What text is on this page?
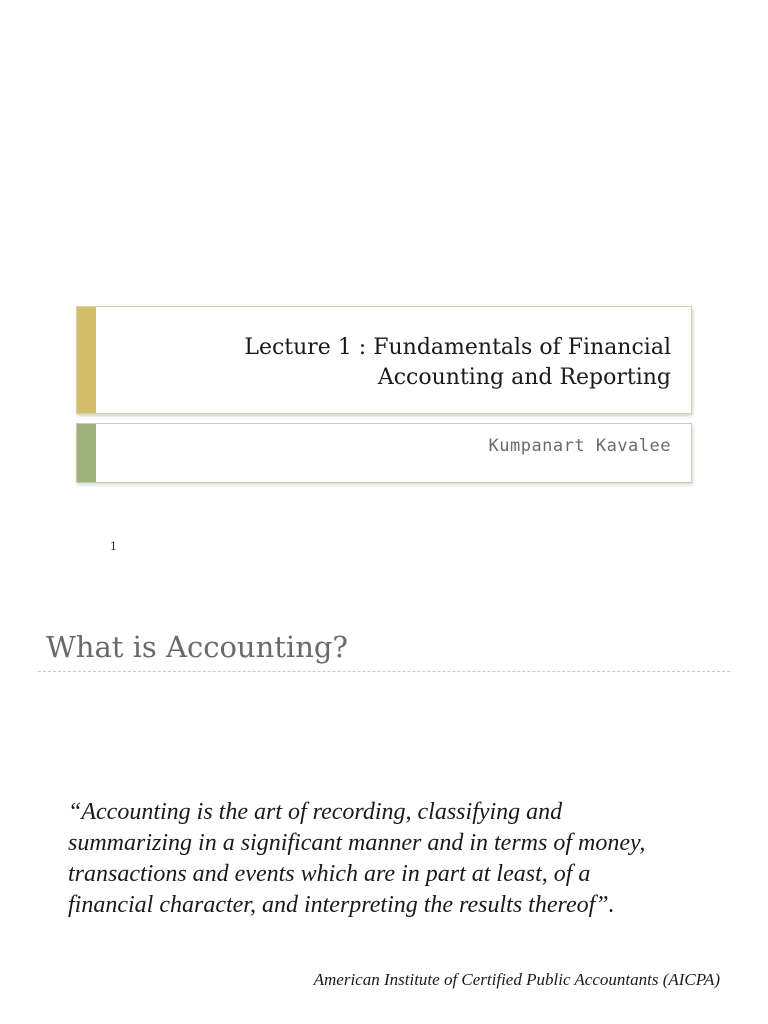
Lecture 1 : Fundamentals of Financial
Accounting and Reporting
Kumpanart Kavalee
1
What is Accounting?
“Accounting is the art of recording, classifying and
summarizing in a significant manner and in terms of money,
transactions and events which are in part at least, of a
financial character, and interpreting the results thereof”.
American Institute of Certified Public Accountants (AICPA)
